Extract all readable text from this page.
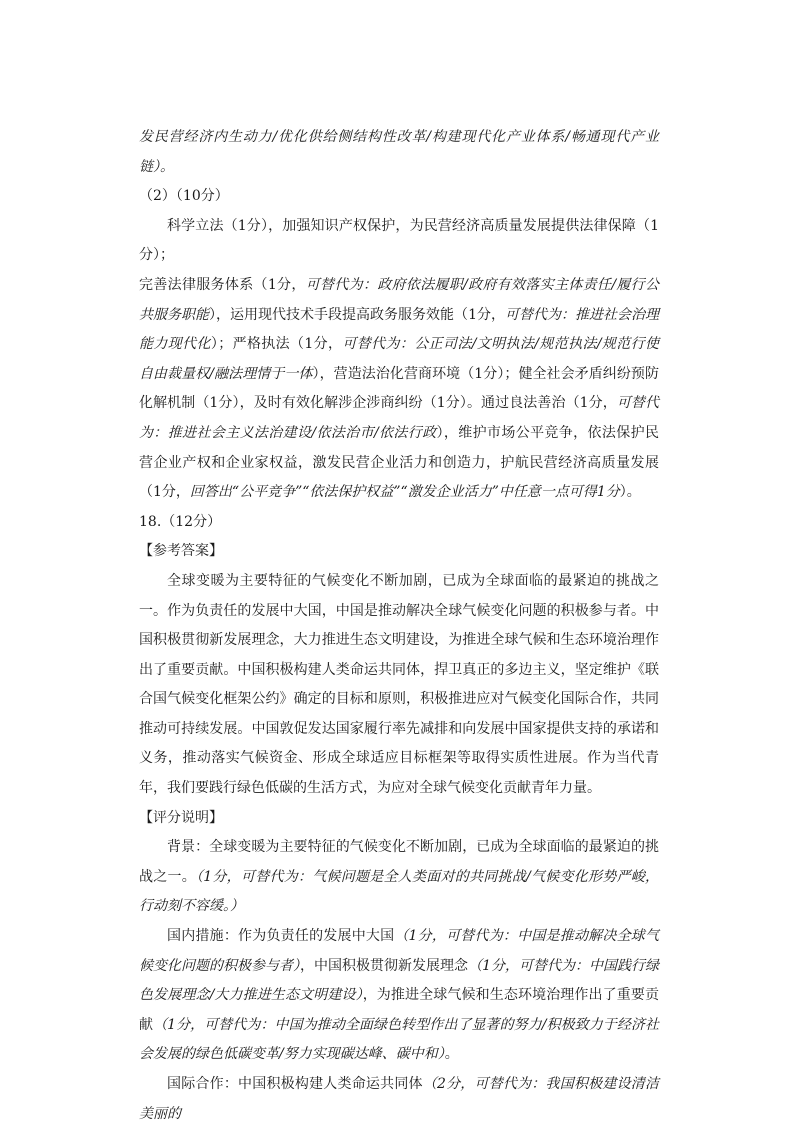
发民营经济内生动力/优化供给侧结构性改革/构建现代化产业体系/畅通现代产业链）。

（2）（10分）

科学立法（1分），加强知识产权保护，为民营经济高质量发展提供法律保障（1分）；

完善法律服务体系（1分，可替代为：政府依法履职/政府有效落实主体责任/履行公共服务职能），运用现代技术手段提高政务服务效能（1分，可替代为：推进社会治理能力现代化）；严格执法（1分，可替代为：公正司法/文明执法/规范执法/规范行使自由裁量权/融法理情于一体），营造法治化营商环境（1分）；健全社会矛盾纠纷预防化解机制（1分），及时有效化解涉企涉商纠纷（1分）。通过良法善治（1分，可替代为：推进社会主义法治建设/依法治市/依法行政），维护市场公平竞争，依法保护民营企业产权和企业家权益，激发民营企业活力和创造力，护航民营经济高质量发展（1分，回答出“公平竞争”“依法保护权益”“激发企业活力”中任意一点可得1分）。

18.（12分）

【参考答案】

全球变暖为主要特征的气候变化不断加剧，已成为全球面临的最紧迫的挑战之一。作为负责任的发展中大国，中国是推动解决全球气候变化问题的积极参与者。中国积极贯彻新发展理念，大力推进生态文明建设，为推进全球气候和生态环境治理作出了重要贡献。中国积极构建人类命运共同体，捍卫真正的多边主义，坚定维护《联合国气候变化框架公约》确定的目标和原则，积极推进应对气候变化国际合作，共同推动可持续发展。中国敦促发达国家履行率先减排和向发展中国家提供支持的承诺和义务，推动落实气候资金、形成全球适应目标框架等取得实质性进展。作为当代青年，我们要践行绿色低碳的生活方式，为应对全球气候变化贡献青年力量。

【评分说明】

背景：全球变暖为主要特征的气候变化不断加剧，已成为全球面临的最紧迫的挑战之一。（1分，可替代为：气候问题是全人类面对的共同挑战/气候变化形势严峻，行动刻不容缓。）

国内措施：作为负责任的发展中大国（1分，可替代为：中国是推动解决全球气候变化问题的积极参与者），中国积极贯彻新发展理念（1分，可替代为：中国践行绿色发展理念/大力推进生态文明建设），为推进全球气候和生态环境治理作出了重要贡献（1分，可替代为：中国为推动全面绿色转型作出了显著的努力/积极致力于经济社会发展的绿色低碳变革/努力实现碳达峰、碳中和）。

国际合作：中国积极构建人类命运共同体（2分，可替代为：我国积极建设清洁美丽的
